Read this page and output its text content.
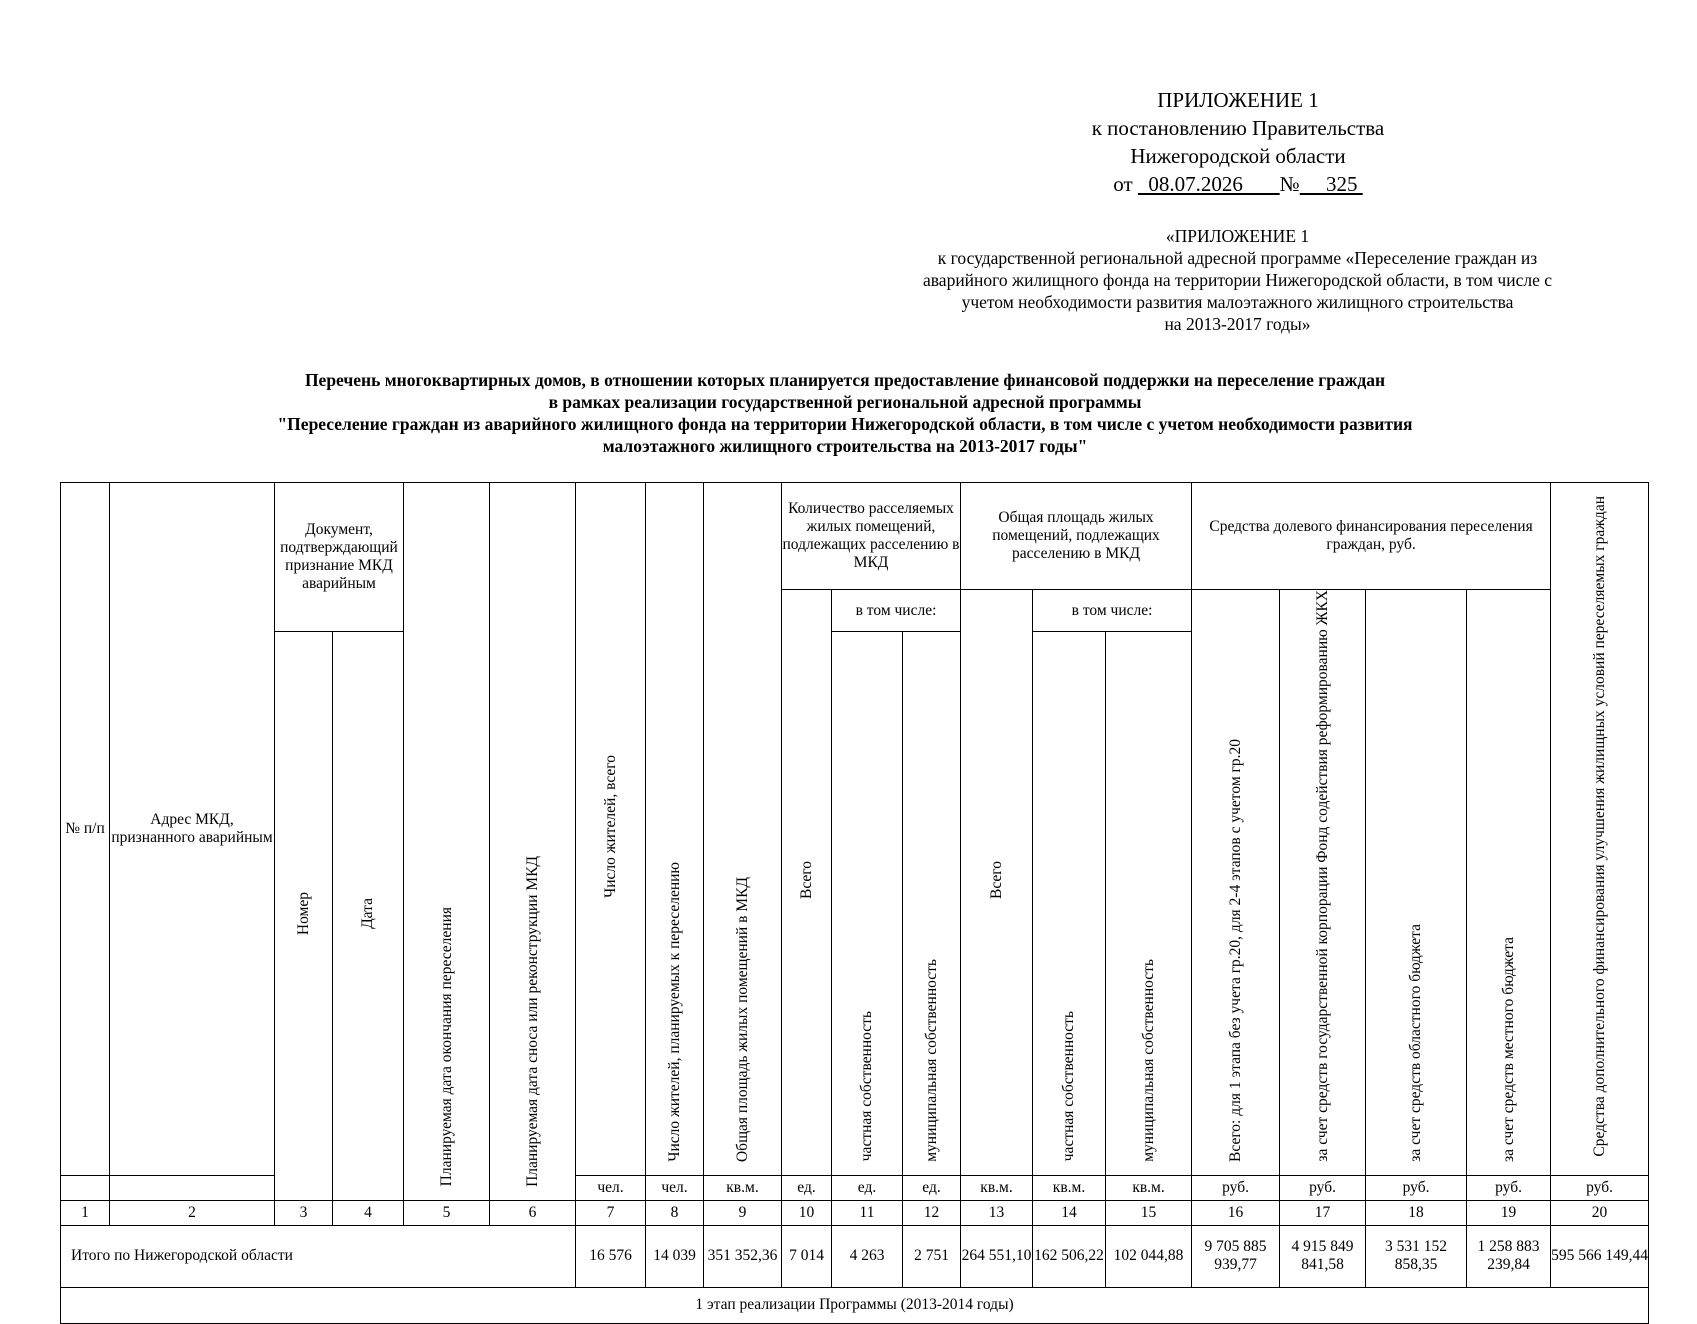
ПРИЛОЖЕНИЕ 1
к постановлению Правительства
Нижегородской области
от   08.07.2026 № 325
«ПРИЛОЖЕНИЕ 1
к государственной региональной адресной программе «Переселение граждан из
аварийного жилищного фонда на территории Нижегородской области, в том числе с
учетом необходимости развития малоэтажного жилищного строительства
на 2013-2017 годы»
Перечень многоквартирных домов, в отношении которых планируется предоставление финансовой поддержки на переселение граждан
в рамках реализации государственной региональной адресной программы
"Переселение граждан из аварийного жилищного фонда на территории Нижегородской области, в том числе с учетом необходимости развития
малоэтажного жилищного строительства на 2013-2017 годы"
№ п/п	Адрес МКД, признанного аварийным	Документ, подтверждающий признание МКД аварийным		Планируемая дата окончания переселения	Планируемая дата сноса или реконструкции МКД	Число жителей, всего	Число жителей, планируемых к переселению	Общая площадь жилых помещений в МКД	Количество расселяемых жилых помещений, подлежащих расселению в МКД			Общая площадь жилых помещений, подлежащих расселению в МКД			Средства долевого финансирования переселения граждан, руб.				Средства дополнительного финансирования улучшения жилищных условий переселяемых граждан
									Всего	в том числе:		Всего	в том числе:		Всего: для 1 этапа без учета гр.20, для 2-4 этапов с учетом гр.20	за счет средств государственной корпорации Фонд содействия реформированию ЖКХ	за счет средств областного бюджета	за счет средств местного бюджета	
		Номер	Дата							частная собственность	муниципальная собственность		частная собственность	муниципальная собственность					
						чел.	чел.	кв.м.	ед.	ед.	ед.	кв.м.	кв.м.	кв.м.	руб.	руб.	руб.	руб.	руб.
1	2	3	4	5	6	7	8	9	10	11	12	13	14	15	16	17	18	19	20
Итого по Нижегородской области						16 576	14 039	351 352,36	7 014	4 263	2 751	264 551,10	162 506,22	102 044,88	9 705 885 939,77	4 915 849 841,58	3 531 152 858,35	1 258 883 239,84	595 566 149,44
1 этап реализации Программы (2013-2014 годы)																			
